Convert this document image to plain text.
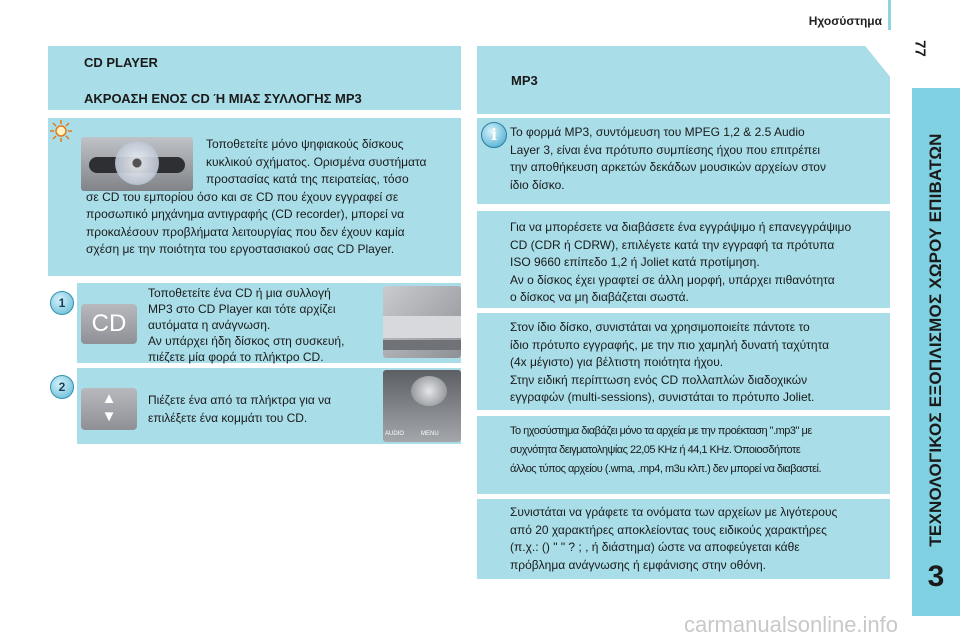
Ηχοσύστημα
77
ΤΕΧΝΟΛΟΓΙΚΟΣ ΕΞΟΠΛΙΣΜΟΣ ΧΩΡΟΥ ΕΠΙΒΑΤΩΝ
3
CD PLAYER
ΑΚΡΟΑΣΗ ΕΝΟΣ CD Ή ΜΙΑΣ ΣΥΛΛΟΓΗΣ MP3
Τοποθετείτε μόνο ψηφιακούς δίσκους
κυκλικού σχήματος. Ορισμένα συστήματα
προστασίας κατά της πειρατείας, τόσο
σε CD του εμπορίου όσο και σε CD που έχουν εγγραφεί σε
προσωπικό μηχάνημα αντιγραφής (CD recorder), μπορεί να
προκαλέσουν προβλήματα λειτουργίας που δεν έχουν καμία
σχέση με την ποιότητα του εργοστασιακού σας CD Player.
1
CD
Τοποθετείτε ένα CD ή μια συλλογή
MP3 στο CD Player και τότε αρχίζει
αυτόματα η ανάγνωση.
Αν υπάρχει ήδη δίσκος στη συσκευή,
πιέζετε μία φορά το πλήκτρο CD.
2
▲
▼
Πιέζετε ένα από τα πλήκτρα για να
επιλέξετε ένα κομμάτι του CD.
AUDIO	MENU
MP3
i	Το φορμά MP3, συντόμευση του MPEG 1,2 & 2.5 Audio
Layer 3, είναι ένα πρότυπο συμπίεσης ήχου που επιτρέπει
την αποθήκευση αρκετών δεκάδων μουσικών αρχείων στον
ίδιο δίσκο.
Για να μπορέσετε να διαβάσετε ένα εγγράψιμο ή επανεγγράψιμο
CD (CDR ή CDRW), επιλέγετε κατά την εγγραφή τα πρότυπα
ISO 9660 επίπεδο 1,2 ή Joliet κατά προτίμηση.
Αν ο δίσκος έχει γραφτεί σε άλλη μορφή, υπάρχει πιθανότητα
ο δίσκος να μη διαβάζεται σωστά.
Στον ίδιο δίσκο, συνιστάται να χρησιμοποιείτε πάντοτε το
ίδιο πρότυπο εγγραφής, με την πιο χαμηλή δυνατή ταχύτητα
(4x μέγιστο) για βέλτιστη ποιότητα ήχου.
Στην ειδική περίπτωση ενός CD πολλαπλών διαδοχικών
εγγραφών (multi-sessions), συνιστάται το πρότυπο Joliet.
Το ηχοσύστημα διαβάζει μόνο τα αρχεία με την προέκταση ".mp3" με
συχνότητα δειγματοληψίας 22,05 KHz ή 44,1 KHz. Όποιοσδήποτε
άλλος τύπος αρχείου (.wma, .mp4, m3u κλπ.) δεν μπορεί να διαβαστεί.
Συνιστάται να γράφετε τα ονόματα των αρχείων με λιγότερους
από 20 χαρακτήρες αποκλείοντας τους ειδικούς χαρακτήρες
(π.χ.: () " " ? ; , ή διάστημα) ώστε να αποφεύγεται κάθε
πρόβλημα ανάγνωσης ή εμφάνισης στην οθόνη.
carmanualsonline.info
